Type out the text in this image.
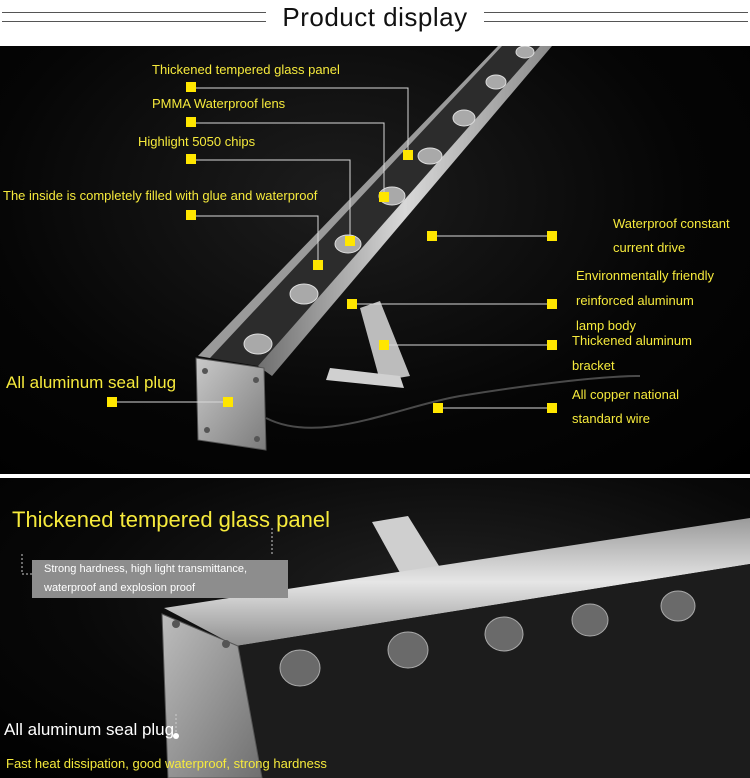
Product display
Thickened tempered glass panel
PMMA Waterproof lens
Highlight 5050 chips
The inside is completely filled with glue and waterproof
All aluminum seal plug
Waterproof constant
current drive
Environmentally friendly
reinforced aluminum
lamp body
Thickened aluminum
bracket
All copper national
standard wire
Thickened tempered glass panel
Strong hardness, high light transmittance,
waterproof and explosion proof
All aluminum seal plug
Fast heat dissipation, good waterproof, strong hardness
